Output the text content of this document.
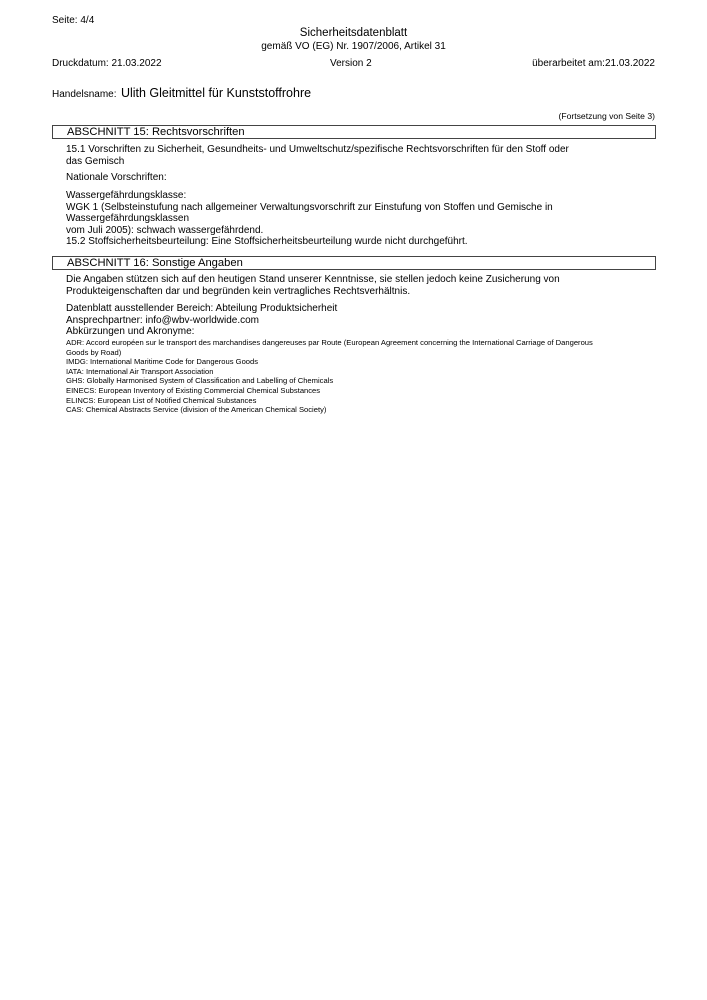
Seite: 4/4
Sicherheitsdatenblatt
gemäß VO (EG) Nr. 1907/2006, Artikel 31
Druckdatum: 21.03.2022	Version 2	überarbeitet am:21.03.2022
Handelsname: Ulith Gleitmittel für Kunststoffrohre
(Fortsetzung von Seite 3)
ABSCHNITT 15: Rechtsvorschriften
15.1 Vorschriften zu Sicherheit, Gesundheits- und Umweltschutz/spezifische Rechtsvorschriften für den Stoff oder
das Gemisch
Nationale Vorschriften:
Wassergefährdungsklasse:
WGK 1 (Selbsteinstufung nach allgemeiner Verwaltungsvorschrift zur Einstufung von Stoffen und Gemische in
Wassergefährdungsklassen
vom Juli 2005): schwach wassergefährdend.
15.2 Stoffsicherheitsbeurteilung: Eine Stoffsicherheitsbeurteilung wurde nicht durchgeführt.
ABSCHNITT 16: Sonstige Angaben
Die Angaben stützen sich auf den heutigen Stand unserer Kenntnisse, sie stellen jedoch keine Zusicherung von
Produkteigenschaften dar und begründen kein vertragliches Rechtsverhältnis.
Datenblatt ausstellender Bereich: Abteilung Produktsicherheit
Ansprechpartner: info@wbv-worldwide.com
Abkürzungen und Akronyme:
ADR: Accord européen sur le transport des marchandises dangereuses par Route (European Agreement concerning the International Carriage of Dangerous
Goods by Road)
IMDG: International Maritime Code for Dangerous Goods
IATA: International Air Transport Association
GHS: Globally Harmonised System of Classification and Labelling of Chemicals
EINECS: European Inventory of Existing Commercial Chemical Substances
ELINCS: European List of Notified Chemical Substances
CAS: Chemical Abstracts Service (division of the American Chemical Society)
